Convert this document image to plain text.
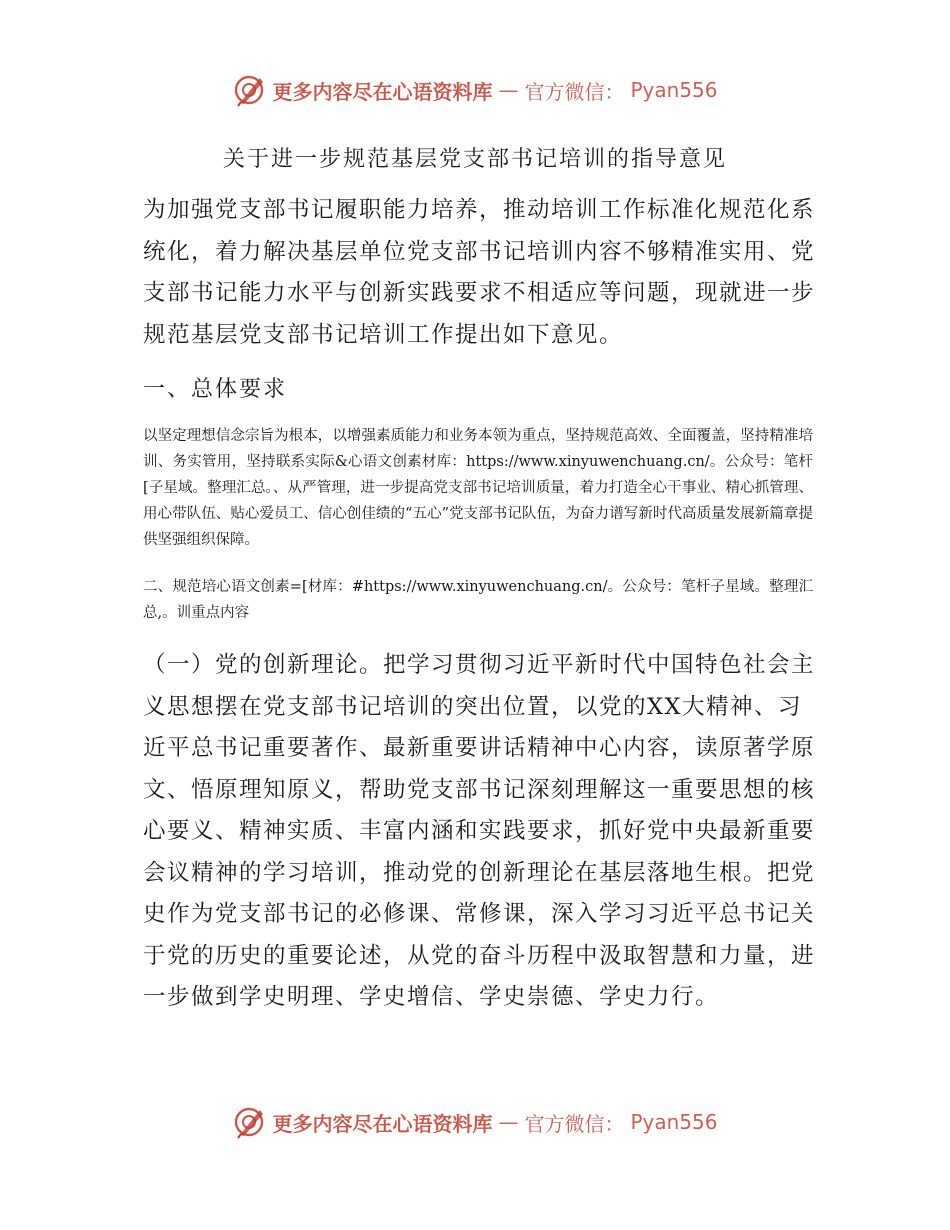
更多内容尽在心语资料库 — 官方微信： Pyan556
关于进一步规范基层党支部书记培训的指导意见

为加强党支部书记履职能力培养，推动培训工作标准化规范化系统化，着力解决基层单位党支部书记培训内容不够精准实用、党支部书记能力水平与创新实践要求不相适应等问题，现就进一步规范基层党支部书记培训工作提出如下意见。

一、总体要求

以坚定理想信念宗旨为根本，以增强素质能力和业务本领为重点，坚持规范高效、全面覆盖，坚持精准培训、务实管用，坚持联系实际&心语文创素材库：https://www.xinyuwenchuang.cn/。公众号：笔杆[子星域。整理汇总。、从严管理，进一步提高党支部书记培训质量，着力打造全心干事业、精心抓管理、用心带队伍、贴心爱员工、信心创佳绩的“五心”党支部书记队伍，为奋力谱写新时代高质量发展新篇章提供坚强组织保障。

二、规范培心语文创素=[材库：#https://www.xinyuwenchuang.cn/。公众号：笔杆子星域。整理汇总,。训重点内容

（一）党的创新理论。把学习贯彻习近平新时代中国特色社会主义思想摆在党支部书记培训的突出位置，以党的XX大精神、习近平总书记重要著作、最新重要讲话精神中心内容，读原著学原文、悟原理知原义，帮助党支部书记深刻理解这一重要思想的核心要义、精神实质、丰富内涵和实践要求，抓好党中央最新重要会议精神的学习培训，推动党的创新理论在基层落地生根。把党史作为党支部书记的必修课、常修课，深入学习习近平总书记关于党的历史的重要论述，从党的奋斗历程中汲取智慧和力量，进一步做到学史明理、学史增信、学史崇德、学史力行。

更多内容尽在心语资料库 — 官方微信： Pyan556
